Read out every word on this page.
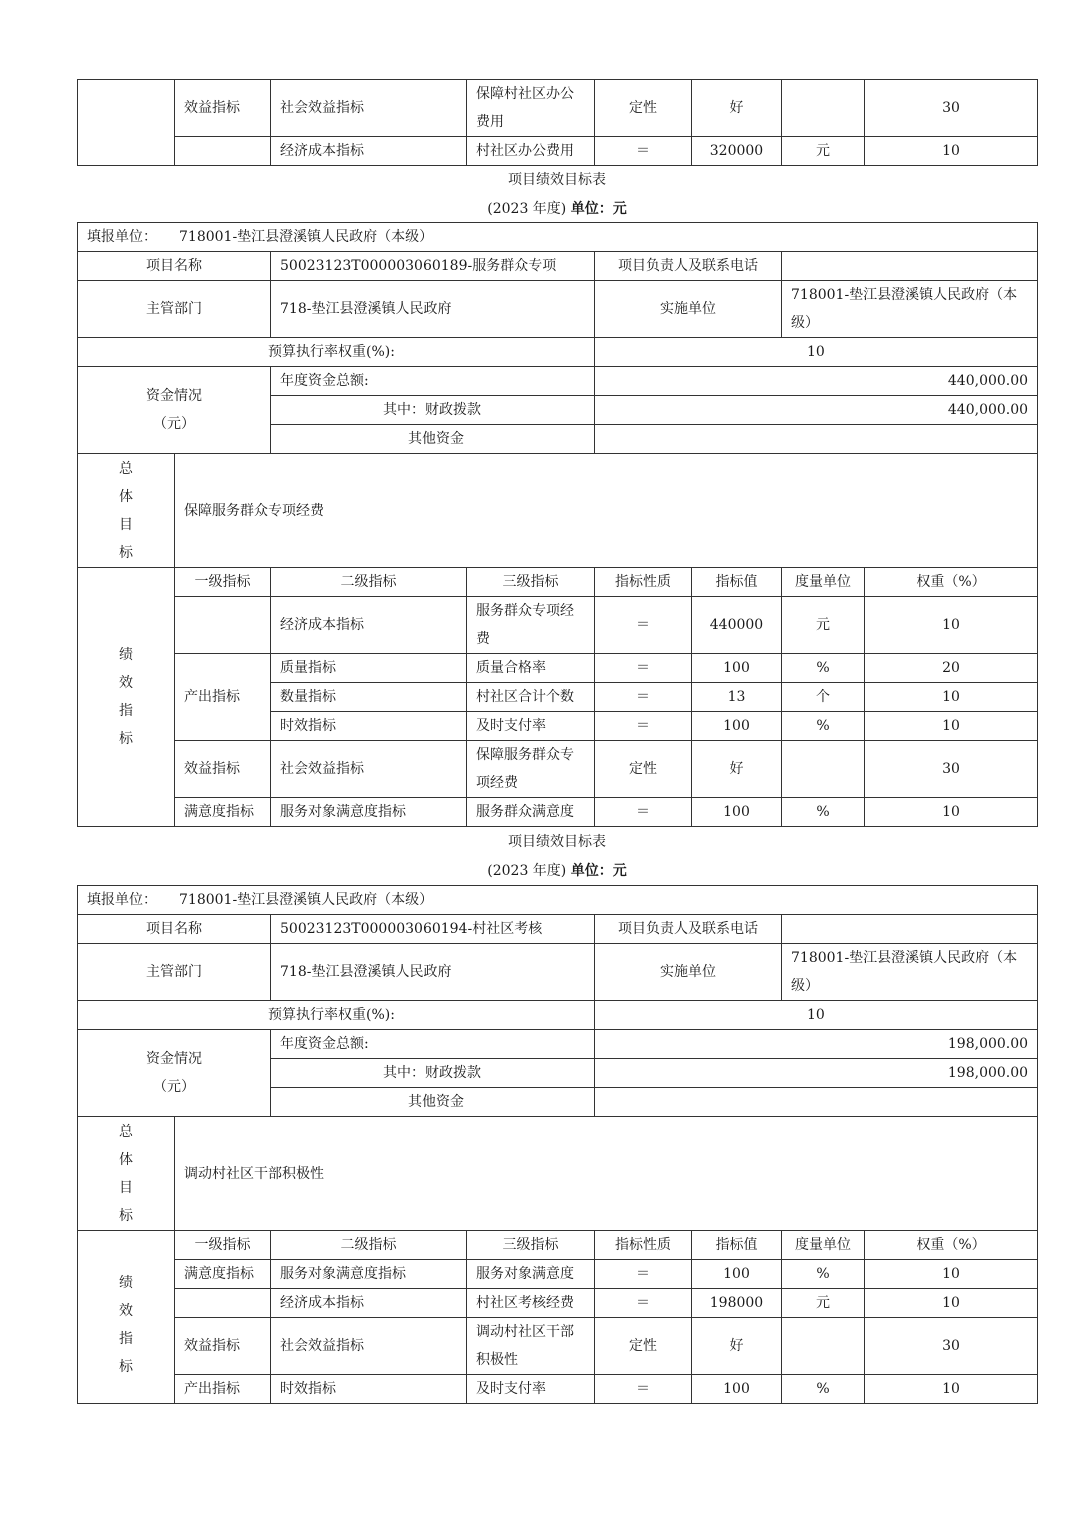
	效益指标	社会效益指标	保障村社区办公费用	定性	好		30
		经济成本指标	村社区办公费用	＝	320000	元	10
项目绩效目标表
(2023 年度) 单位：元
填报单位： 718001-垫江县澄溪镇人民政府（本级）							
项目名称		50023123T000003060189-服务群众专项		项目负责人及联系电话			
主管部门		718-垫江县澄溪镇人民政府		实施单位		718001-垫江县澄溪镇人民政府（本级）	
预算执行率权重(%):				10			

资金情况
（元）		年度资金总额:		440,000.00			
		其中：财政拨款		440,000.00			
		其他资金					

总
体
目
标	保障服务群众专项经费						

绩
效
指
标	一级指标	二级指标	三级指标	指标性质	指标值	度量单位	权重（%）
		经济成本指标	服务群众专项经费	＝	440000	元	10
	产出指标	质量指标	质量合格率	＝	100	%	20
		数量指标	村社区合计个数	＝	13	个	10
		时效指标	及时支付率	＝	100	%	10
	效益指标	社会效益指标	保障服务群众专项经费	定性	好		30
	满意度指标	服务对象满意度指标	服务群众满意度	＝	100	%	10
项目绩效目标表
(2023 年度) 单位：元
填报单位： 718001-垫江县澄溪镇人民政府（本级）							
项目名称		50023123T000003060194-村社区考核		项目负责人及联系电话			
主管部门		718-垫江县澄溪镇人民政府		实施单位		718001-垫江县澄溪镇人民政府（本级）	
预算执行率权重(%):				10			

资金情况
（元）		年度资金总额:		198,000.00			
		其中：财政拨款		198,000.00			
		其他资金					

总
体
目
标	调动村社区干部积极性						

绩
效
指
标	一级指标	二级指标	三级指标	指标性质	指标值	度量单位	权重（%）
	满意度指标	服务对象满意度指标	服务对象满意度	＝	100	%	10
		经济成本指标	村社区考核经费	＝	198000	元	10
	效益指标	社会效益指标	调动村社区干部积极性	定性	好		30
	产出指标	时效指标	及时支付率	＝	100	%	10
